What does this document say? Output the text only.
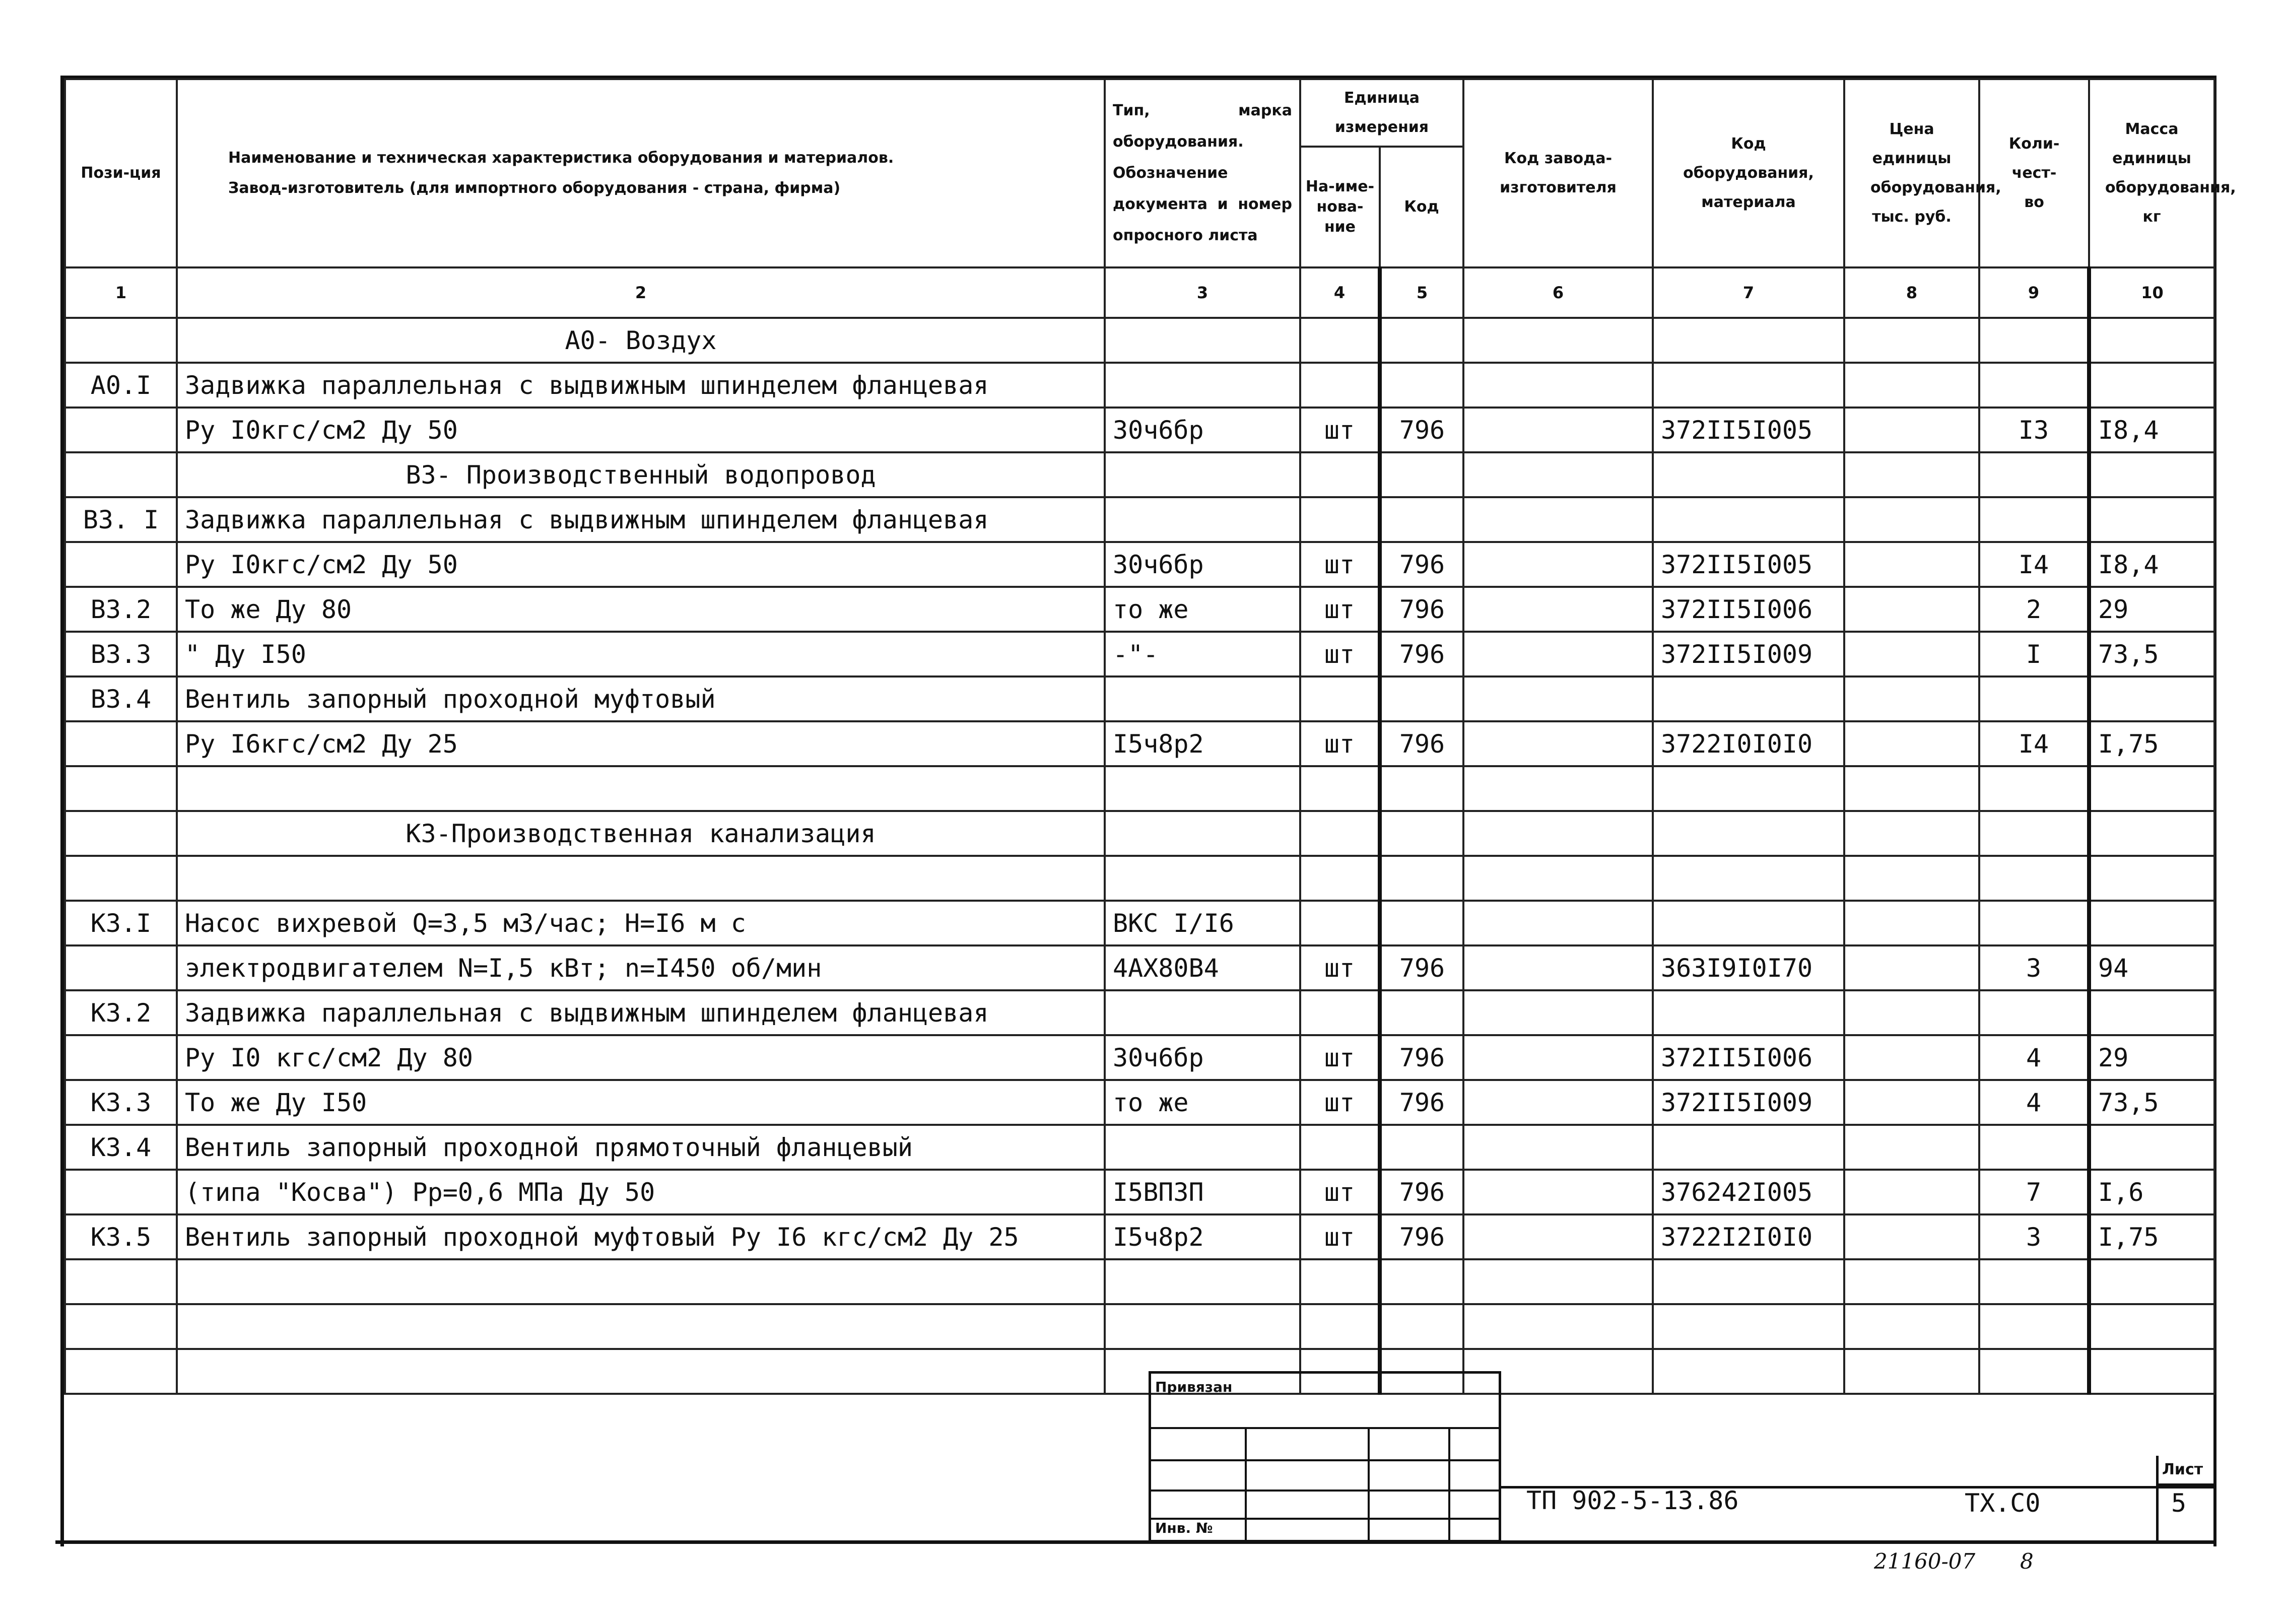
Пози-ция	Наименование и техническая характеристика оборудования и материалов.
Завод-изготовитель (для импортного оборудования - страна, фирма)	Тип, марка оборудования. Обозначение документа и номер опросного листа	Единица измерения		Код завода-изготовителя	Код оборудования, материала	Цена единицы оборудования, тыс. руб.	Коли-чест-во	Масса единицы оборудования, кг
			На-име-нова-ние	Код					
1	2	3	4	5	6	7	8	9	10
	А0- Воздух								
А0.I	Задвижка параллельная с выдвижным шпинделем фланцевая								
	Ру I0кгс/см2 Ду 50	30ч6бр	шт	796		372II5I005		I3	I8,4
	В3- Производственный водопровод								
В3. I	Задвижка параллельная с выдвижным шпинделем фланцевая								
	Ру I0кгс/см2 Ду 50	30ч6бр	шт	796		372II5I005		I4	I8,4
В3.2	То же Ду 80	то же	шт	796		372II5I006		2	29
В3.3	" Ду I50	-"-	шт	796		372II5I009		I	73,5
В3.4	Вентиль запорный проходной муфтовый								
	Ру I6кгс/см2 Ду 25	I5ч8р2	шт	796		3722I0I0I0		I4	I,75

	К3-Производственная канализация								

К3.I	Насос вихревой Q=3,5 м3/час; Н=I6 м с	ВКС I/I6							
	электродвигателем N=I,5 кВт; n=I450 об/мин	4АХ80В4	шт	796		363I9I0I70		3	94
К3.2	Задвижка параллельная с выдвижным шпинделем фланцевая								
	Ру I0 кгс/см2 Ду 80	30ч6бр	шт	796		372II5I006		4	29
К3.3	То же Ду I50	то же	шт	796		372II5I009		4	73,5
К3.4	Вентиль запорный проходной прямоточный фланцевый								
	(типа "Косва") Рр=0,6 МПа Ду 50	I5ВП3П	шт	796		376242I005		7	I,6
К3.5	Вентиль запорный проходной муфтовый Ру I6 кгс/см2 Ду 25	I5ч8р2	шт	796		3722I2I0I0		3	I,75

Привязан
Инв. №
Лист
5
ТП 902-5-13.86	ТХ.С0
21160-07 8
